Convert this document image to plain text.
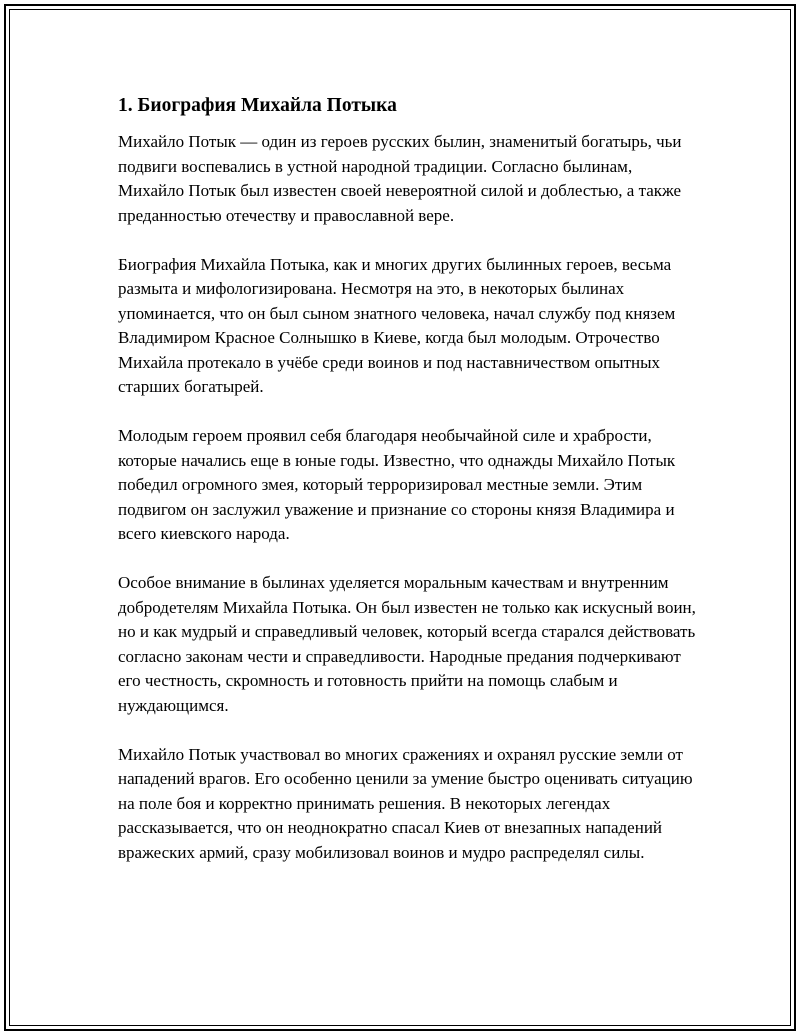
1. Биография Михайла Потыка

Михайло Потык — один из героев русских былин, знаменитый богатырь, чьи подвиги воспевались в устной народной традиции. Согласно былинам, Михайло Потык был известен своей невероятной силой и доблестью, а также преданностью отечеству и православной вере.

Биография Михайла Потыка, как и многих других былинных героев, весьма размыта и мифологизирована. Несмотря на это, в некоторых былинах упоминается, что он был сыном знатного человека, начал службу под князем Владимиром Красное Солнышко в Киеве, когда был молодым. Отрочество Михайла протекало в учёбе среди воинов и под наставничеством опытных старших богатырей.

Молодым героем проявил себя благодаря необычайной силе и храбрости, которые начались еще в юные годы. Известно, что однажды Михайло Потык победил огромного змея, который терроризировал местные земли. Этим подвигом он заслужил уважение и признание со стороны князя Владимира и всего киевского народа.

Особое внимание в былинах уделяется моральным качествам и внутренним добродетелям Михайла Потыка. Он был известен не только как искусный воин, но и как мудрый и справедливый человек, который всегда старался действовать согласно законам чести и справедливости. Народные предания подчеркивают его честность, скромность и готовность прийти на помощь слабым и нуждающимся.

Михайло Потык участвовал во многих сражениях и охранял русские земли от нападений врагов. Его особенно ценили за умение быстро оценивать ситуацию на поле боя и корректно принимать решения. В некоторых легендах рассказывается, что он неоднократно спасал Киев от внезапных нападений вражеских армий, сразу мобилизовал воинов и мудро распределял силы.
